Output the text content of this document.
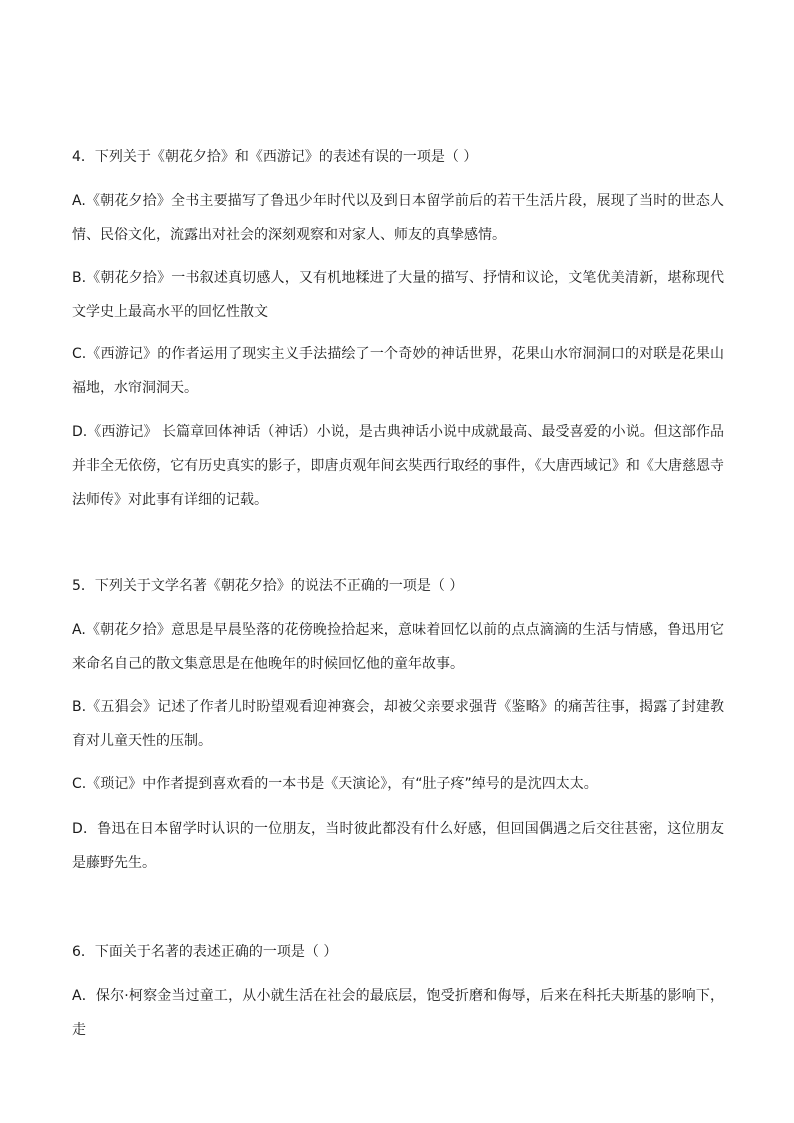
4．下列关于《朝花夕拾》和《西游记》的表述有误的一项是（ ）
A.《朝花夕拾》全书主要描写了鲁迅少年时代以及到日本留学前后的若干生活片段，展现了当时的世态人情、民俗文化，流露出对社会的深刻观察和对家人、师友的真挚感情。
B.《朝花夕拾》一书叙述真切感人，又有机地糅进了大量的描写、抒情和议论，文笔优美清新，堪称现代文学史上最高水平的回忆性散文
C.《西游记》的作者运用了现实主义手法描绘了一个奇妙的神话世界，花果山水帘洞洞口的对联是花果山福地，水帘洞洞天。
D.《西游记》 长篇章回体神话（神话）小说，是古典神话小说中成就最高、最受喜爱的小说。但这部作品并非全无依傍，它有历史真实的影子，即唐贞观年间玄奘西行取经的事件，《大唐西域记》和《大唐慈恩寺法师传》对此事有详细的记载。
5．下列关于文学名著《朝花夕拾》的说法不正确的一项是（ ）
A.《朝花夕拾》意思是早晨坠落的花傍晚捡拾起来，意味着回忆以前的点点滴滴的生活与情感，鲁迅用它来命名自己的散文集意思是在他晚年的时候回忆他的童年故事。
B.《五猖会》记述了作者儿时盼望观看迎神赛会，却被父亲要求强背《鉴略》的痛苦往事，揭露了封建教育对儿童天性的压制。
C.《琐记》中作者提到喜欢看的一本书是《天演论》，有“肚子疼”绰号的是沈四太太。
D．鲁迅在日本留学时认识的一位朋友，当时彼此都没有什么好感，但回国偶遇之后交往甚密，这位朋友是藤野先生。
6．下面关于名著的表述正确的一项是（ ）
A．保尔·柯察金当过童工，从小就生活在社会的最底层，饱受折磨和侮辱，后来在科托夫斯基的影响下，走
